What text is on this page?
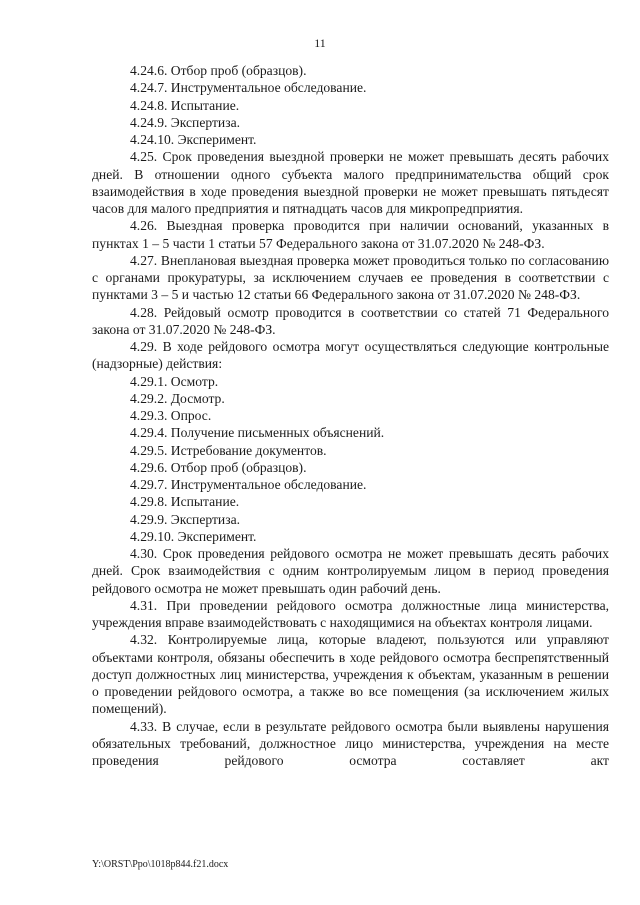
11

4.24.6. Отбор проб (образцов).

4.24.7. Инструментальное обследование.

4.24.8. Испытание.

4.24.9. Экспертиза.

4.24.10. Эксперимент.

4.25. Срок проведения выездной проверки не может превышать десять рабочих дней. В отношении одного субъекта малого предпринимательства общий срок взаимодействия в ходе проведения выездной проверки не может превышать пятьдесят часов для малого предприятия и пятнадцать часов для микропредприятия.

4.26. Выездная проверка проводится при наличии оснований, указанных в пунктах 1 – 5 части 1 статьи 57 Федерального закона от 31.07.2020 № 248-ФЗ.

4.27. Внеплановая выездная проверка может проводиться только по согласованию с органами прокуратуры, за исключением случаев ее проведения в соответствии с пунктами 3 – 5 и частью 12 статьи 66 Федерального закона от 31.07.2020 № 248-ФЗ.

4.28. Рейдовый осмотр проводится в соответствии со статей 71 Федерального закона от 31.07.2020 № 248-ФЗ.

4.29. В ходе рейдового осмотра могут осуществляться следующие контрольные (надзорные) действия:

4.29.1. Осмотр.

4.29.2. Досмотр.

4.29.3. Опрос.

4.29.4. Получение письменных объяснений.

4.29.5. Истребование документов.

4.29.6. Отбор проб (образцов).

4.29.7. Инструментальное обследование.

4.29.8. Испытание.

4.29.9. Экспертиза.

4.29.10. Эксперимент.

4.30. Срок проведения рейдового осмотра не может превышать десять рабочих дней. Срок взаимодействия с одним контролируемым лицом в период проведения рейдового осмотра не может превышать один рабочий день.

4.31. При проведении рейдового осмотра должностные лица министерства, учреждения вправе взаимодействовать с находящимися на объектах контроля лицами.

4.32. Контролируемые лица, которые владеют, пользуются или управляют объектами контроля, обязаны обеспечить в ходе рейдового осмотра беспрепятственный доступ должностных лиц министерства, учреждения к объектам, указанным в решении о проведении рейдового осмотра, а также во все помещения (за исключением жилых помещений).

4.33. В случае, если в результате рейдового осмотра были выявлены нарушения обязательных требований, должностное лицо министерства, учреждения на месте проведения рейдового осмотра составляет акт

Y:\ORST\Ppo\1018p844.f21.docx
